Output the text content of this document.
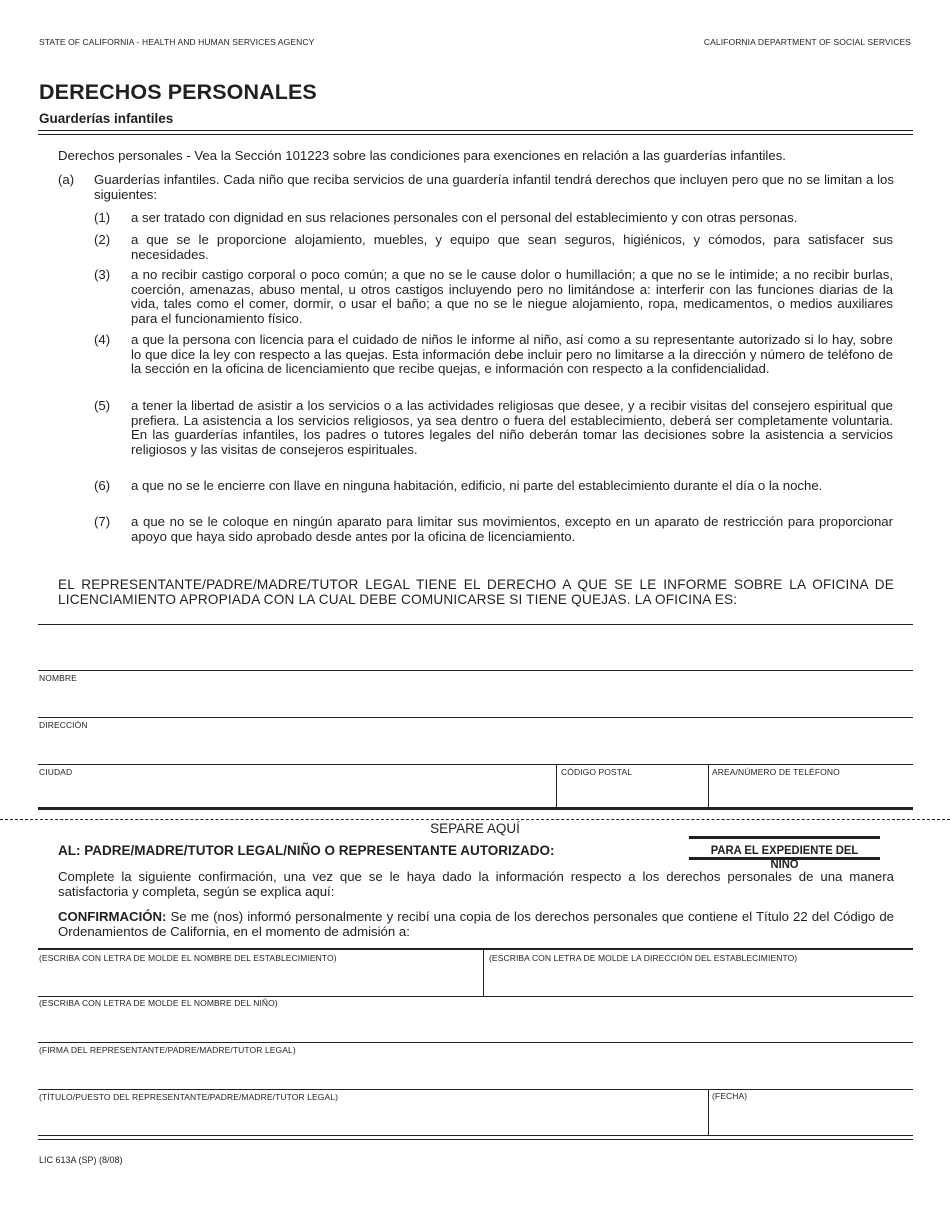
STATE OF CALIFORNIA - HEALTH AND HUMAN SERVICES AGENCY	CALIFORNIA DEPARTMENT OF SOCIAL SERVICES
DERECHOS PERSONALES
Guarderías infantiles
Derechos personales - Vea la Sección 101223 sobre las condiciones para exenciones en relación a las guarderías infantiles.
(a) Guarderías infantiles. Cada niño que reciba servicios de una guardería infantil tendrá derechos que incluyen pero que no se limitan a los siguientes:
(1) a ser tratado con dignidad en sus relaciones personales con el personal del establecimiento y con otras personas.
(2) a que se le proporcione alojamiento, muebles, y equipo que sean seguros, higiénicos, y cómodos, para satisfacer sus necesidades.
(3) a no recibir castigo corporal o poco común; a que no se le cause dolor o humillación; a que no se le intimide; a no recibir burlas, coerción, amenazas, abuso mental, u otros castigos incluyendo pero no limitándose a: interferir con las funciones diarias de la vida, tales como el comer, dormir, o usar el baño; a que no se le niegue alojamiento, ropa, medicamentos, o medios auxiliares para el funcionamiento físico.
(4) a que la persona con licencia para el cuidado de niños le informe al niño, así como a su representante autorizado si lo hay, sobre lo que dice la ley con respecto a las quejas. Esta información debe incluir pero no limitarse a la dirección y número de teléfono de la sección en la oficina de licenciamiento que recibe quejas, e información con respecto a la confidencialidad.
(5) a tener la libertad de asistir a los servicios o a las actividades religiosas que desee, y a recibir visitas del consejero espiritual que prefiera. La asistencia a los servicios religiosos, ya sea dentro o fuera del establecimiento, deberá ser completamente voluntaria. En las guarderías infantiles, los padres o tutores legales del niño deberán tomar las decisiones sobre la asistencia a servicios religiosos y las visitas de consejeros espirituales.
(6) a que no se le encierre con llave en ninguna habitación, edificio, ni parte del establecimiento durante el día o la noche.
(7) a que no se le coloque en ningún aparato para limitar sus movimientos, excepto en un aparato de restricción para proporcionar apoyo que haya sido aprobado desde antes por la oficina de licenciamiento.
EL REPRESENTANTE/PADRE/MADRE/TUTOR LEGAL TIENE EL DERECHO A QUE SE LE INFORME SOBRE LA OFICINA DE LICENCIAMIENTO APROPIADA CON LA CUAL DEBE COMUNICARSE SI TIENE QUEJAS. LA OFICINA ES:
NOMBRE
DIRECCIÓN
CIUDAD	CÓDIGO POSTAL	AREA/NÚMERO DE TELÉFONO
SEPARE AQUÍ
AL: PADRE/MADRE/TUTOR LEGAL/NIÑO O REPRESENTANTE AUTORIZADO:	PARA EL EXPEDIENTE DEL NIÑO
Complete la siguiente confirmación, una vez que se le haya dado la información respecto a los derechos personales de una manera satisfactoria y completa, según se explica aquí:
CONFIRMACIÓN: Se me (nos) informó personalmente y recibí una copia de los derechos personales que contiene el Título 22 del Código de Ordenamientos de California, en el momento de admisión a:
(ESCRIBA CON LETRA DE MOLDE EL NOMBRE DEL ESTABLECIMIENTO)	(ESCRIBA CON LETRA DE MOLDE LA DIRECCIÓN DEL ESTABLECIMIENTO)
(ESCRIBA CON LETRA DE MOLDE EL NOMBRE DEL NIÑO)
(FIRMA DEL REPRESENTANTE/PADRE/MADRE/TUTOR LEGAL)
(TÍTULO/PUESTO DEL REPRESENTANTE/PADRE/MADRE/TUTOR LEGAL)	(FECHA)
LIC 613A (SP) (8/08)
